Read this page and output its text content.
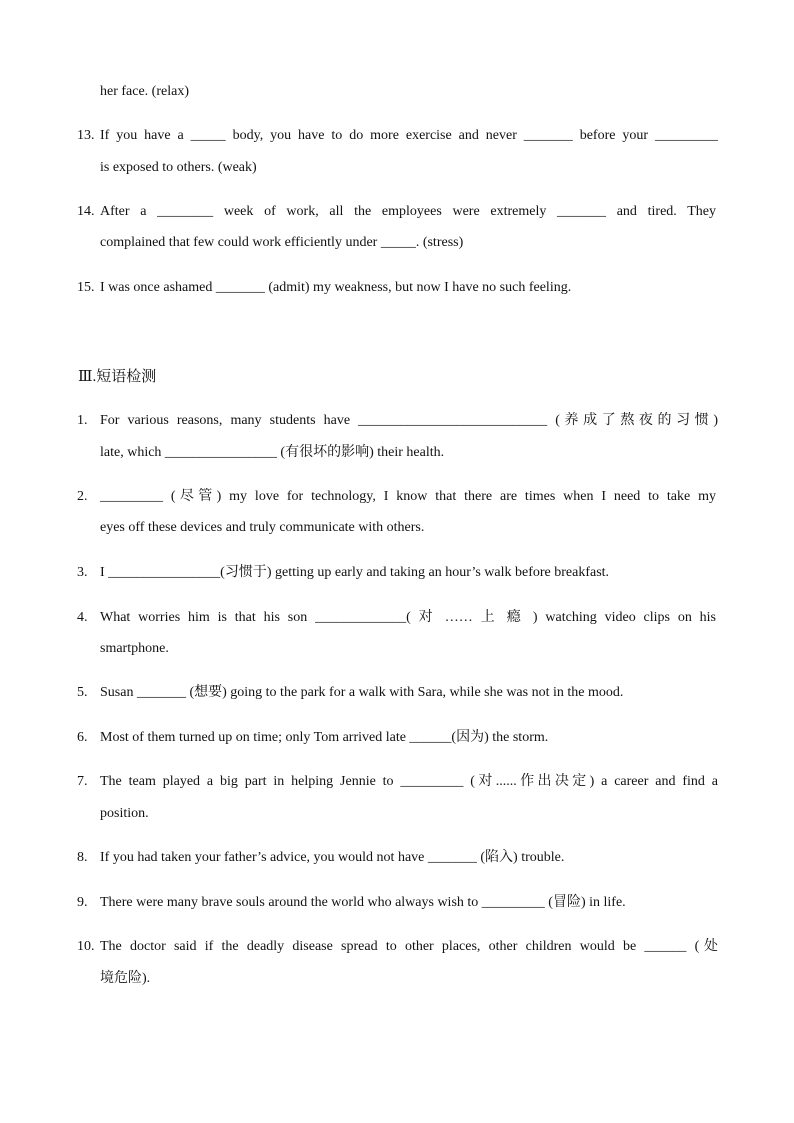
her face. (relax)
13. If you have a _____ body, you have to do more exercise and never _______ before your _________
is exposed to others. (weak)
14. After a ________ week of work, all the employees were extremely _______ and tired. They
complained that few could work efficiently under _____. (stress)
15. I was once ashamed _______ (admit) my weakness, but now I have no such feeling.
Ⅲ.短语检测
1. For various reasons, many students have ___________________________ (养成了熬夜的习惯)
late, which ________________ (有很坏的影响) their health.
2. _________ (尽管) my love for technology, I know that there are times when I need to take my
eyes off these devices and truly communicate with others.
3. I ________________(习惯于) getting up early and taking an hour’s walk before breakfast.
4. What worries him is that his son _____________( 对 …… 上 瘾 ) watching video clips on his
smartphone.
5. Susan _______ (想要) going to the park for a walk with Sara, while she was not in the mood.
6. Most of them turned up on time; only Tom arrived late ______(因为) the storm.
7. The team played a big part in helping Jennie to _________ (对......作出决定) a career and find a
position.
8. If you had taken your father’s advice, you would not have _______ (陷入) trouble.
9. There were many brave souls around the world who always wish to _________ (冒险) in life.
10. The doctor said if the deadly disease spread to other places, other children would be ______ (处
境危险).
